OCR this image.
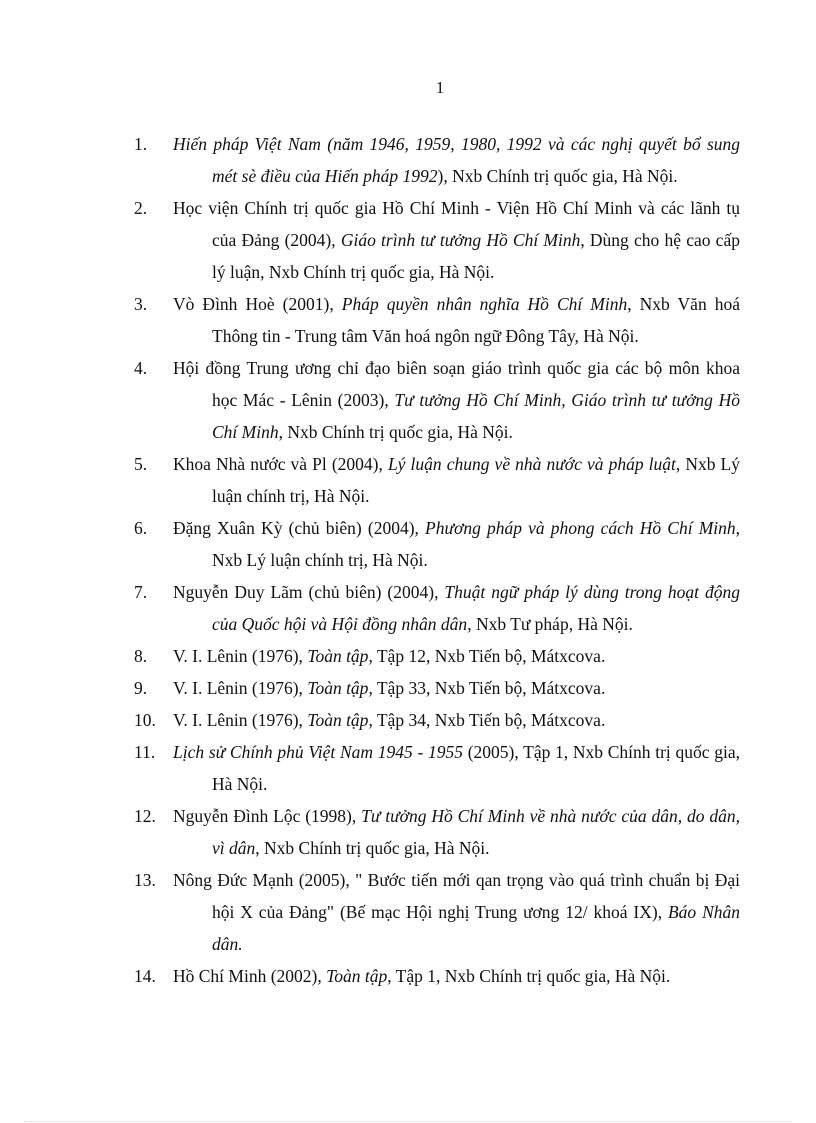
1
1.	Hiến pháp Việt Nam (năm 1946, 1959, 1980, 1992 và các nghị quyết bổ sung mét sè điều của Hiến pháp 1992), Nxb Chính trị quốc gia, Hà Nội.
2.	Học viện Chính trị quốc gia Hồ Chí Minh - Viện Hồ Chí Minh và các lãnh tụ của Đảng (2004), Giáo trình tư tưởng Hồ Chí Minh, Dùng cho hệ cao cấp lý luận, Nxb Chính trị quốc gia, Hà Nội.
3.	Vò Đình Hoè (2001), Pháp quyền nhân nghĩa Hồ Chí Minh, Nxb Văn hoá Thông tin - Trung tâm Văn hoá ngôn ngữ Đông Tây, Hà Nội.
4.	Hội đồng Trung ương chỉ đạo biên soạn giáo trình quốc gia các bộ môn khoa học Mác - Lênin (2003), Tư tưởng Hồ Chí Minh, Giáo trình tư tưởng Hồ Chí Minh, Nxb Chính trị quốc gia, Hà Nội.
5.	Khoa Nhà nước và Pl (2004), Lý luận chung về nhà nước và pháp luật, Nxb Lý luận chính trị, Hà Nội.
6.	Đặng Xuân Kỳ (chủ biên) (2004), Phương pháp và phong cách Hồ Chí Minh, Nxb Lý luận chính trị, Hà Nội.
7.	Nguyễn Duy Lãm (chủ biên) (2004), Thuật ngữ pháp lý dùng trong hoạt động của Quốc hội và Hội đồng nhân dân, Nxb Tư pháp, Hà Nội.
8.	V. I. Lênin (1976), Toàn tập, Tập 12, Nxb Tiến bộ, Mátxcova.
9.	V. I. Lênin (1976), Toàn tập, Tập 33, Nxb Tiến bộ, Mátxcova.
10. V. I. Lênin (1976), Toàn tập, Tập 34, Nxb Tiến bộ, Mátxcova.
11.	Lịch sử Chính phủ Việt Nam 1945 - 1955 (2005), Tập 1, Nxb Chính trị quốc gia, Hà Nội.
12. Nguyễn Đình Lộc (1998), Tư tưởng Hồ Chí Minh về nhà nước của dân, do dân, vì dân, Nxb Chính trị quốc gia, Hà Nội.
13. Nông Đức Mạnh (2005), " Bước tiến mới qan trọng vào quá trình chuẩn bị Đại hội X của Đảng" (Bế mạc Hội nghị Trung ương 12/ khoá IX), Báo Nhân dân.
14. Hồ Chí Minh (2002), Toàn tập, Tập 1, Nxb Chính trị quốc gia, Hà Nội.
